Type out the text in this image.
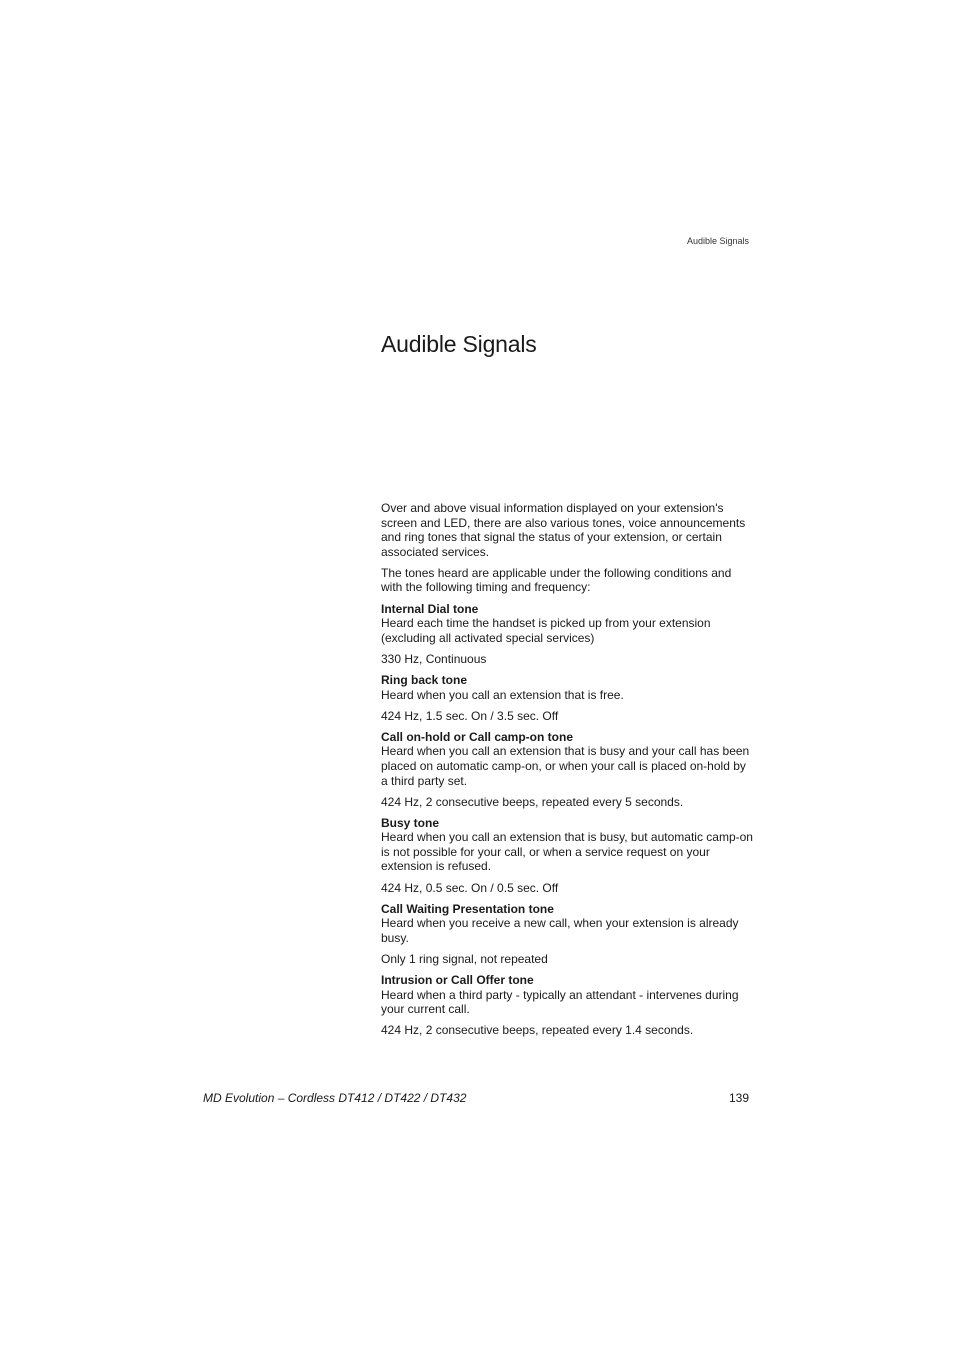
Audible Signals
Audible Signals

Over and above visual information displayed on your extension's screen and LED, there are also various tones, voice announcements and ring tones that signal the status of your extension, or certain associated services.

The tones heard are applicable under the following conditions and with the following timing and frequency:

Internal Dial tone
Heard each time the handset is picked up from your extension (excluding all activated special services)

330 Hz, Continuous

Ring back tone
Heard when you call an extension that is free.

424 Hz, 1.5 sec. On / 3.5 sec. Off

Call on-hold or Call camp-on tone
Heard when you call an extension that is busy and your call has been placed on automatic camp-on, or when your call is placed on-hold by a third party set.

424 Hz, 2 consecutive beeps, repeated every 5 seconds.

Busy tone
Heard when you call an extension that is busy, but automatic camp-on is not possible for your call, or when a service request on your extension is refused.

424 Hz, 0.5 sec. On / 0.5 sec. Off

Call Waiting Presentation tone
Heard when you receive a new call, when your extension is already busy.

Only 1 ring signal, not repeated

Intrusion or Call Offer tone
Heard when a third party - typically an attendant - intervenes during your current call.

424 Hz, 2 consecutive beeps, repeated every 1.4 seconds.

MD Evolution – Cordless DT412 / DT422 / DT432	139
